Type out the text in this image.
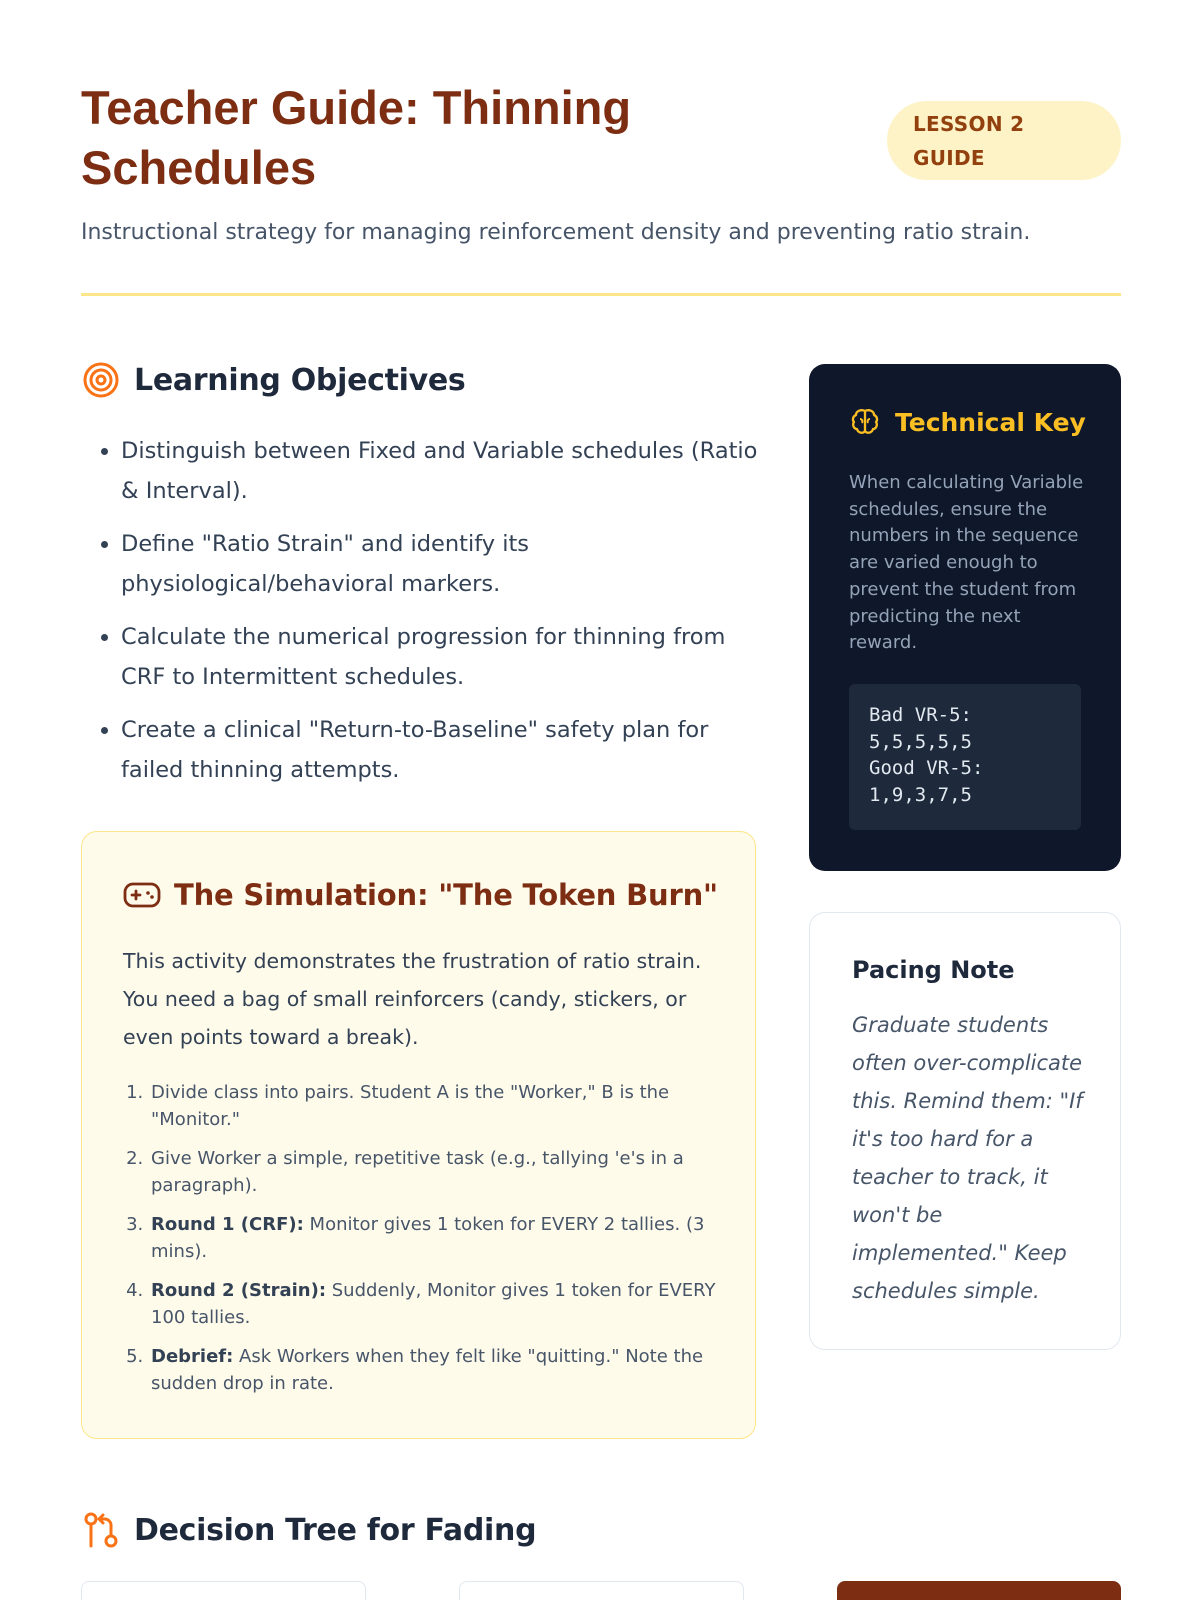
Teacher Guide: Thinning Schedules
LESSON 2 GUIDE

Instructional strategy for managing reinforcement density and preventing ratio strain.

Learning Objectives
• Distinguish between Fixed and Variable schedules (Ratio & Interval).
• Define "Ratio Strain" and identify its physiological/behavioral markers.
• Calculate the numerical progression for thinning from CRF to Intermittent schedules.
• Create a clinical "Return-to-Baseline" safety plan for failed thinning attempts.
The Simulation: "The Token Burn"

This activity demonstrates the frustration of ratio strain. You need a bag of small reinforcers (candy, stickers, or even points toward a break).

1. Divide class into pairs. Student A is the "Worker," B is the "Monitor."
2. Give Worker a simple, repetitive task (e.g., tallying 'e's in a paragraph).
3. Round 1 (CRF): Monitor gives 1 token for EVERY 2 tallies. (3 mins).
4. Round 2 (Strain): Suddenly, Monitor gives 1 token for EVERY 100 tallies.
5. Debrief: Ask Workers when they felt like "quitting." Note the sudden drop in rate.
Technical Key

When calculating Variable schedules, ensure the numbers in the sequence are varied enough to prevent the student from predicting the next reward.

Bad VR-5:
5,5,5,5,5
Good VR-5:
1,9,3,7,5
Pacing Note

Graduate students often over-complicate this. Remind them: "If it's too hard for a teacher to track, it won't be implemented." Keep schedules simple.

Decision Tree for Fading
